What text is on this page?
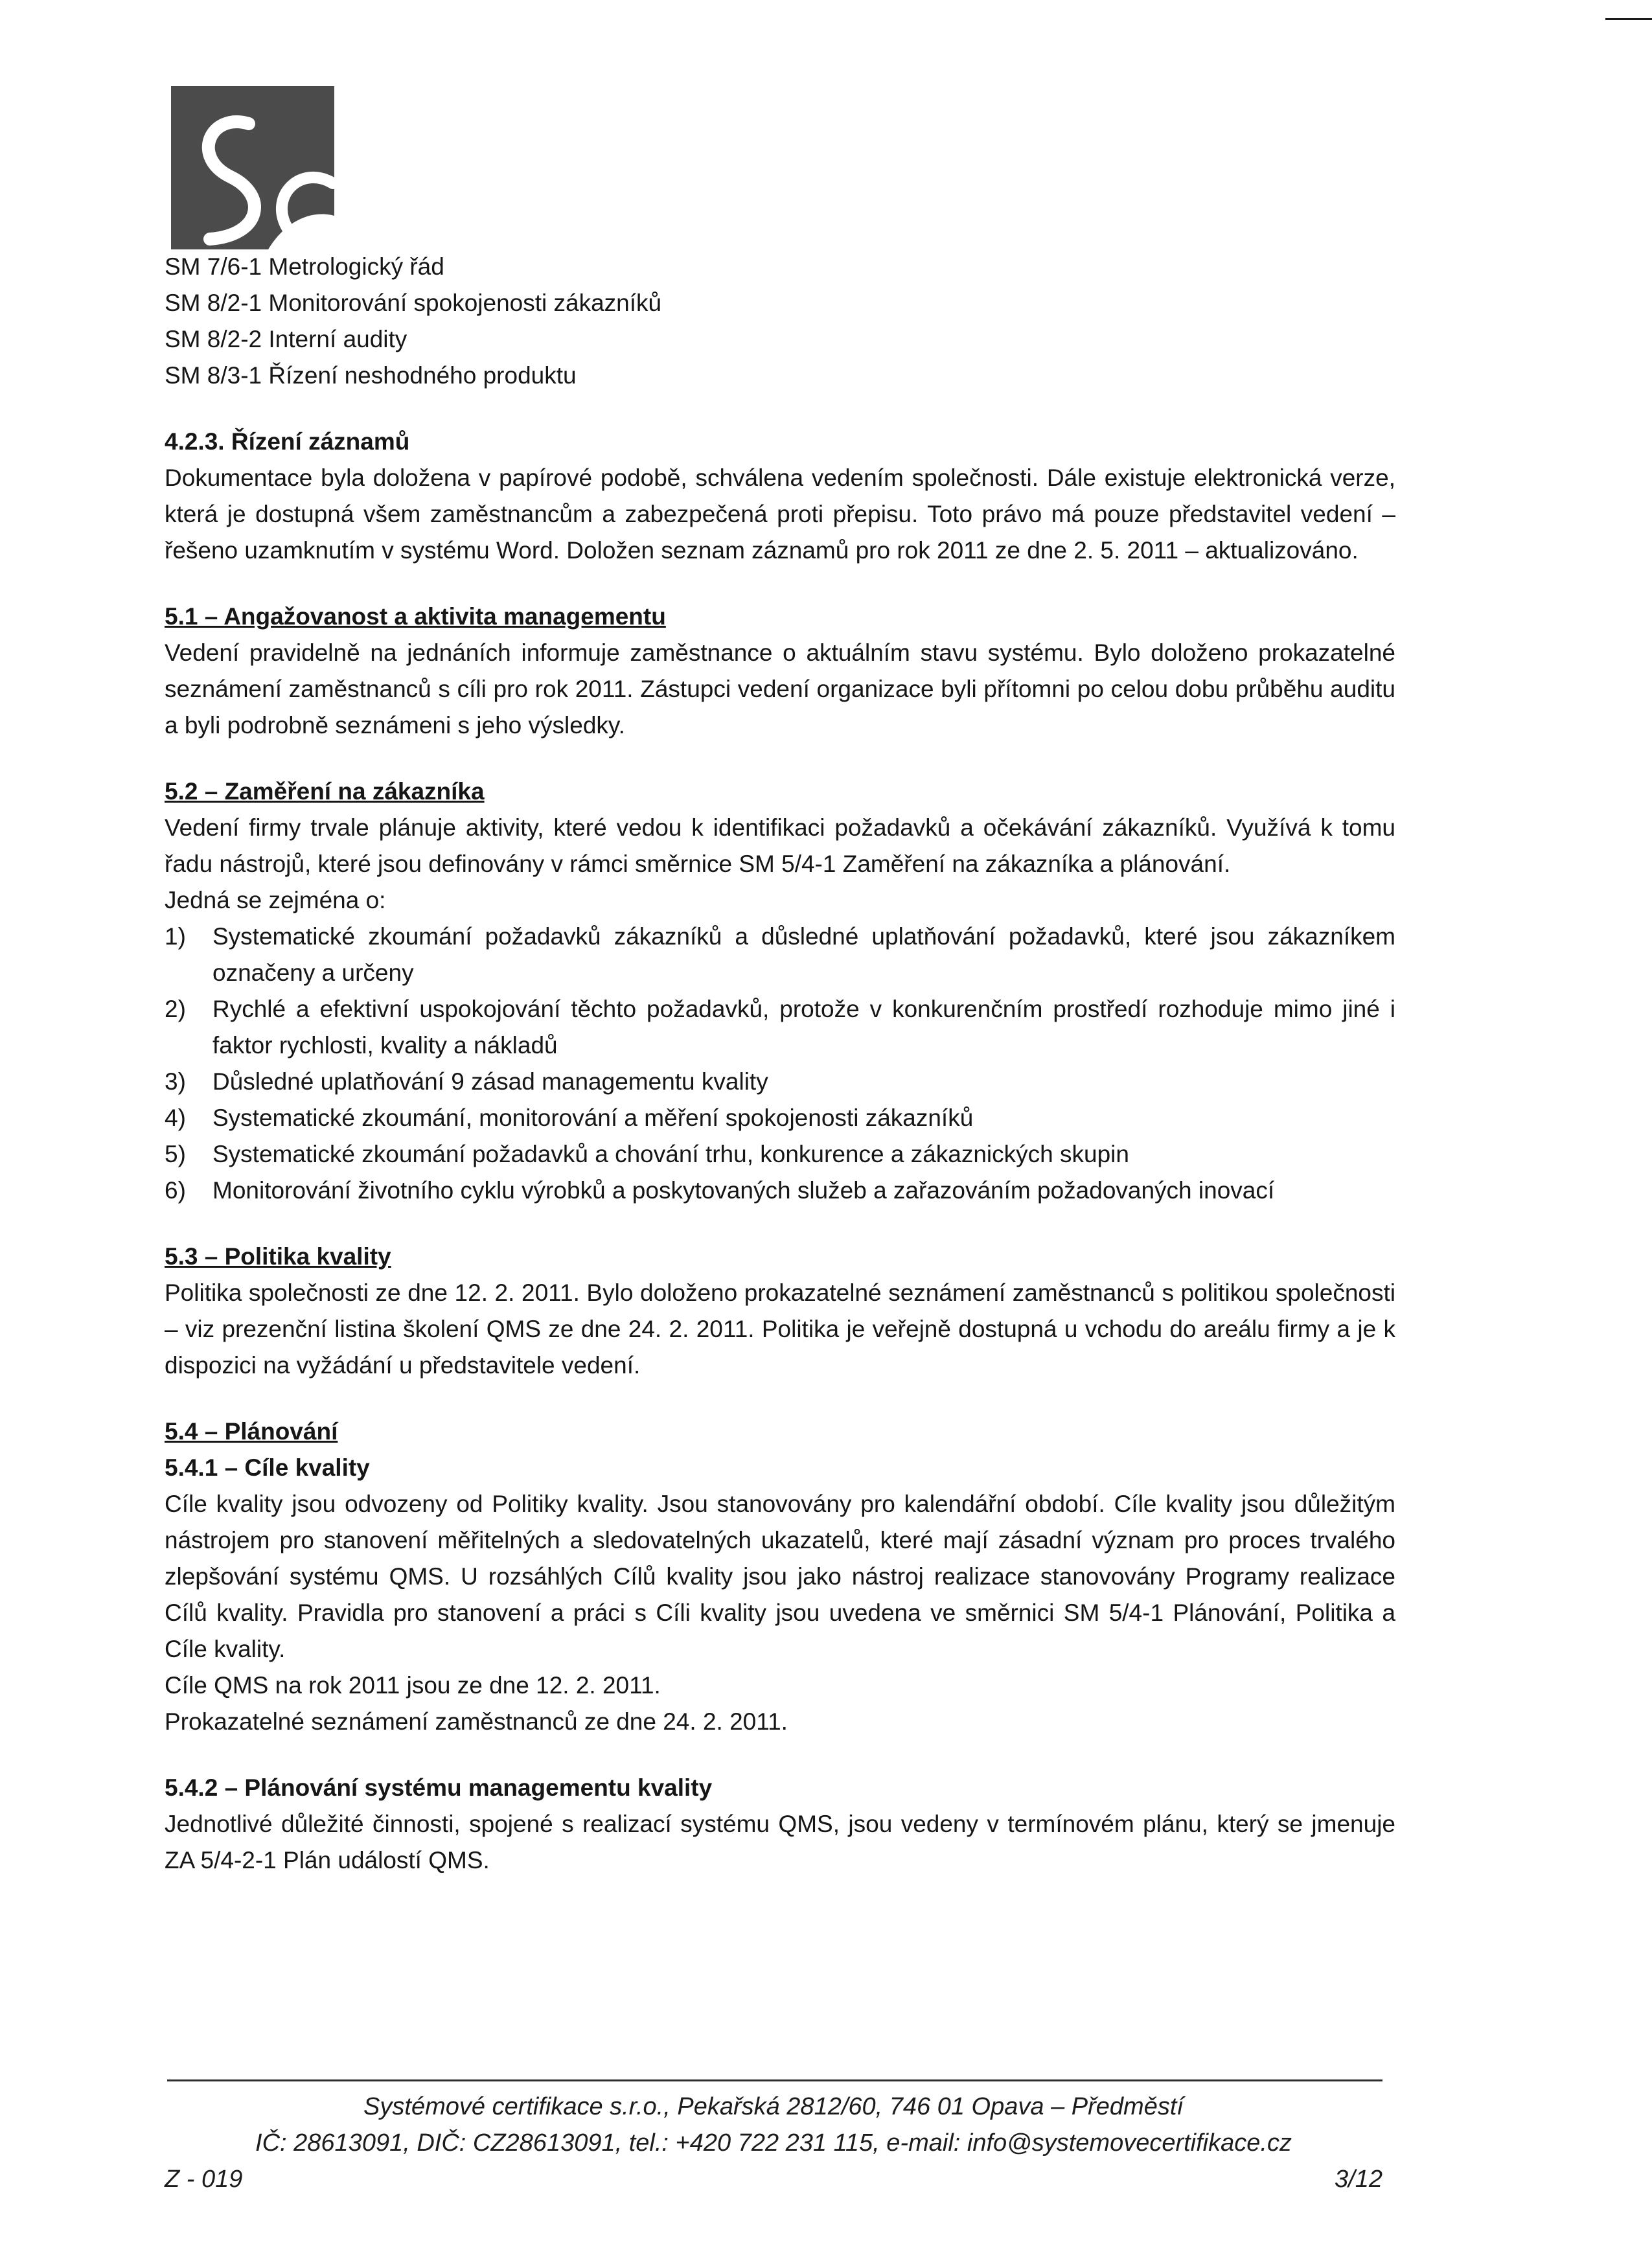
SM 7/6-1 Metrologický řád

SM 8/2-1 Monitorování spokojenosti zákazníků

SM 8/2-2 Interní audity

SM 8/3-1 Řízení neshodného produktu

4.2.3. Řízení záznamů

Dokumentace byla doložena v papírové podobě, schválena vedením společnosti. Dále existuje elektronická verze, která je dostupná všem zaměstnancům a zabezpečená proti přepisu. Toto právo má pouze představitel vedení – řešeno uzamknutím v systému Word. Doložen seznam záznamů pro rok 2011 ze dne 2. 5. 2011 – aktualizováno.

5.1 – Angažovanost a aktivita managementu

Vedení pravidelně na jednáních informuje zaměstnance o aktuálním stavu systému. Bylo doloženo prokazatelné seznámení zaměstnanců s cíli pro rok 2011. Zástupci vedení organizace byli přítomni po celou dobu průběhu auditu a byli podrobně seznámeni s jeho výsledky.

5.2 – Zaměření na zákazníka

Vedení firmy trvale plánuje aktivity, které vedou k identifikaci požadavků a očekávání zákazníků. Využívá k tomu řadu nástrojů, které jsou definovány v rámci směrnice SM 5/4-1 Zaměření na zákazníka a plánování.

Jedná se zejména o:

1) Systematické zkoumání požadavků zákazníků a důsledné uplatňování požadavků, které jsou zákazníkem označeny a určeny
2) Rychlé a efektivní uspokojování těchto požadavků, protože v konkurenčním prostředí rozhoduje mimo jiné i faktor rychlosti, kvality a nákladů
3) Důsledné uplatňování 9 zásad managementu kvality
4) Systematické zkoumání, monitorování a měření spokojenosti zákazníků
5) Systematické zkoumání požadavků a chování trhu, konkurence a zákaznických skupin
6) Monitorování životního cyklu výrobků a poskytovaných služeb a zařazováním požadovaných inovací

5.3 – Politika kvality

Politika společnosti ze dne 12. 2. 2011. Bylo doloženo prokazatelné seznámení zaměstnanců s politikou společnosti – viz prezenční listina školení QMS ze dne 24. 2. 2011. Politika je veřejně dostupná u vchodu do areálu firmy a je k dispozici na vyžádání u představitele vedení.

5.4 – Plánování

5.4.1 – Cíle kvality

Cíle kvality jsou odvozeny od Politiky kvality. Jsou stanovovány pro kalendářní období. Cíle kvality jsou důležitým nástrojem pro stanovení měřitelných a sledovatelných ukazatelů, které mají zásadní význam pro proces trvalého zlepšování systému QMS. U rozsáhlých Cílů kvality jsou jako nástroj realizace stanovovány Programy realizace Cílů kvality. Pravidla pro stanovení a práci s Cíli kvality jsou uvedena ve směrnici SM 5/4-1 Plánování, Politika a Cíle kvality.

Cíle QMS na rok 2011 jsou ze dne 12. 2. 2011.

Prokazatelné seznámení zaměstnanců ze dne 24. 2. 2011.

5.4.2 – Plánování systému managementu kvality

Jednotlivé důležité činnosti, spojené s realizací systému QMS, jsou vedeny v termínovém plánu, který se jmenuje ZA 5/4-2-1 Plán událostí QMS.

Systémové certifikace s.r.o., Pekařská 2812/60, 746 01 Opava – Předměstí

IČ: 28613091, DIČ: CZ28613091, tel.: +420 722 231 115, e-mail: info@systemovecertifikace.cz

Z - 019	3/12
